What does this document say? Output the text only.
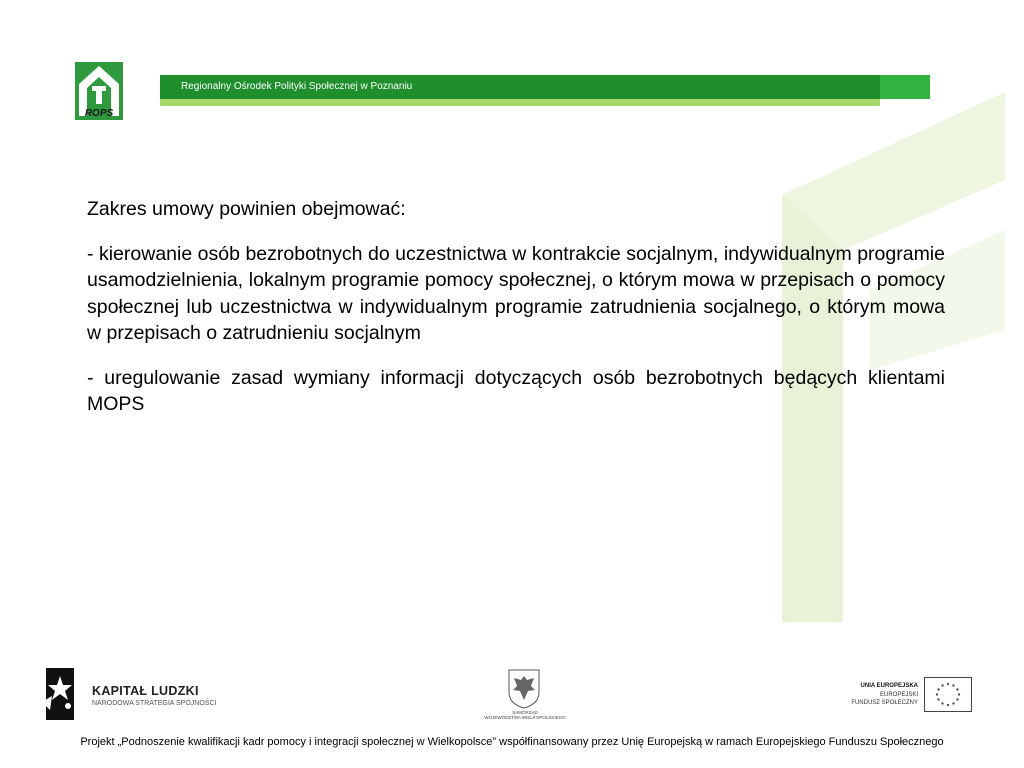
ROPS
Regionalny Ośrodek Polityki Społecznej w Poznaniu
Zakres umowy powinien obejmować:
- kierowanie osób bezrobotnych do uczestnictwa w kontrakcie socjalnym, indywidualnym programie usamodzielnienia, lokalnym programie pomocy społecznej, o którym mowa w przepisach o pomocy społecznej lub uczestnictwa w indywidualnym programie zatrudnienia socjalnego, o którym mowa w przepisach o zatrudnieniu socjalnym
- uregulowanie zasad wymiany informacji dotyczących osób bezrobotnych będących klientami MOPS
KAPITAŁ LUDZKI
NARODOWA STRATEGIA SPÓJNOŚCI
SAMORZĄD
WOJEWÓDZTWA WIELKOPOLSKIEGO
UNIA EUROPEJSKA
EUROPEJSKI
FUNDUSZ SPOŁECZNY
Projekt „Podnoszenie kwalifikacji kadr pomocy i integracji społecznej w Wielkopolsce” współfinansowany przez Unię Europejską w ramach Europejskiego Funduszu Społecznego
